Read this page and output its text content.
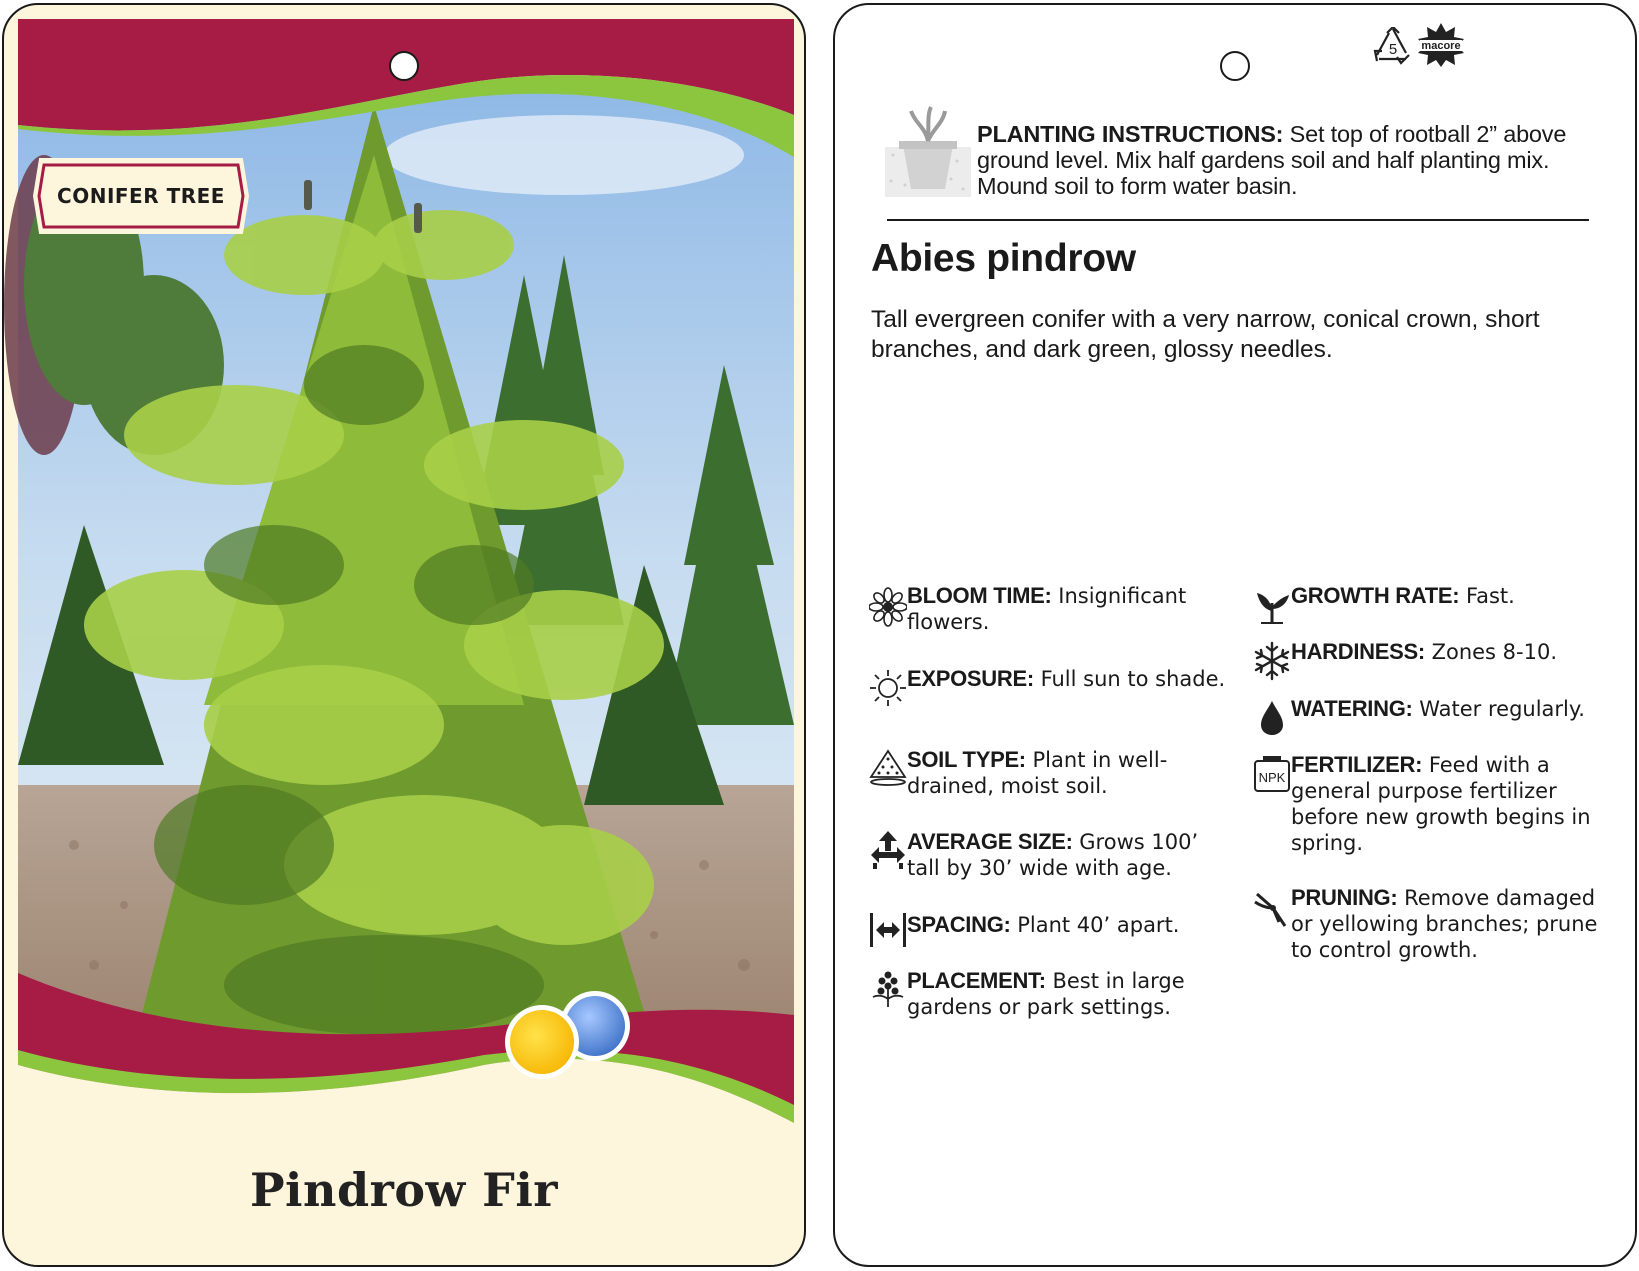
CONIFER TREE
Pindrow Fir
5 macore
PLANTING INSTRUCTIONS: Set top of rootball 2” above ground level. Mix half gardens soil and half planting mix. Mound soil to form water basin.
Abies pindrow
Tall evergreen conifer with a very narrow, conical crown, short branches, and dark green, glossy needles.
BLOOM TIME: Insignificant flowers.
EXPOSURE: Full sun to shade.
SOIL TYPE: Plant in well-drained, moist soil.
AVERAGE SIZE: Grows 100’ tall by 30’ wide with age.
SPACING: Plant 40’ apart.
PLACEMENT: Best in large gardens or park settings.
GROWTH RATE: Fast.
HARDINESS: Zones 8-10.
WATERING: Water regularly.
NPK
FERTILIZER: Feed with a general purpose fertilizer before new growth begins in spring.
PRUNING: Remove damaged or yellowing branches; prune to control growth.
